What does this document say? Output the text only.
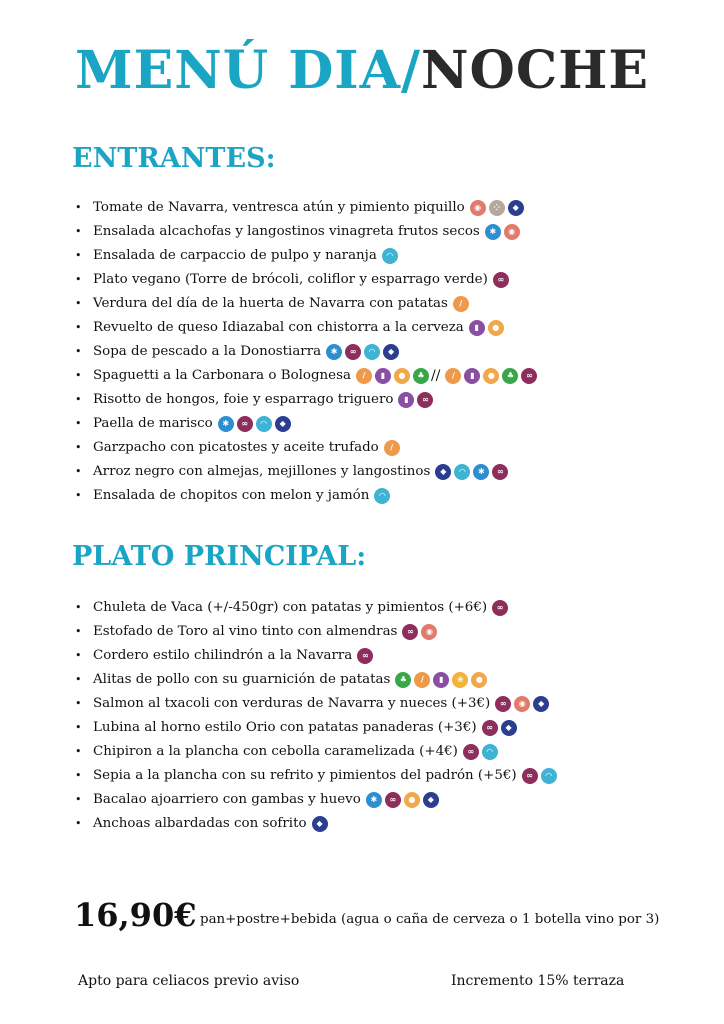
MENÚ DIA/NOCHE
ENTRANTES:
• Tomate de Navarra, ventresca atún y pimiento piquillo	◉	⁘	◆
• Ensalada alcachofas y langostinos vinagreta frutos secos	✱	◉
• Ensalada de carpaccio de pulpo y naranja	◠
• Plato vegano (Torre de brócoli, coliflor y esparrago verde)	∞
• Verdura del día de la huerta de Navarra con patatas	/
• Revuelto de queso Idiazabal con chistorra a la cerveza	▮	●
• Sopa de pescado a la Donostiarra	✱	∞	◠	◆
• Spaguetti a la Carbonara o Bolognesa	/	▮	●	♣ //	/	▮	●	♣	∞
• Risotto de hongos, foie y esparrago triguero	▮	∞
• Paella de marisco	✱	∞	◠	◆
• Garzpacho con picatostes y aceite trufado	/
• Arroz negro con almejas, mejillones y langostinos	◆	◠	✱	∞
• Ensalada de chopitos con melon y jamón	◠
PLATO PRINCIPAL:
• Chuleta de Vaca (+/-450gr) con patatas y pimientos (+6€)	∞
• Estofado de Toro al vino tinto con almendras	∞	◉
• Cordero estilo chilindrón a la Navarra	∞
• Alitas de pollo con su guarnición de patatas	♣	/	▮	❀	●
• Salmon al txacoli con verduras de Navarra y nueces (+3€)	∞	◉	◆
• Lubina al horno estilo Orio con patatas panaderas (+3€)	∞	◆
• Chipiron a la plancha con cebolla caramelizada (+4€)	∞	◠
• Sepia a la plancha con su refrito y pimientos del padrón (+5€)	∞	◠
• Bacalao ajoarriero con gambas y huevo	✱	∞	●	◆
• Anchoas albardadas con sofrito	◆
16,90€ pan+postre+bebida (agua o caña de cerveza o 1 botella vino por 3)
Apto para celiacos previo aviso	Incremento 15% terraza
